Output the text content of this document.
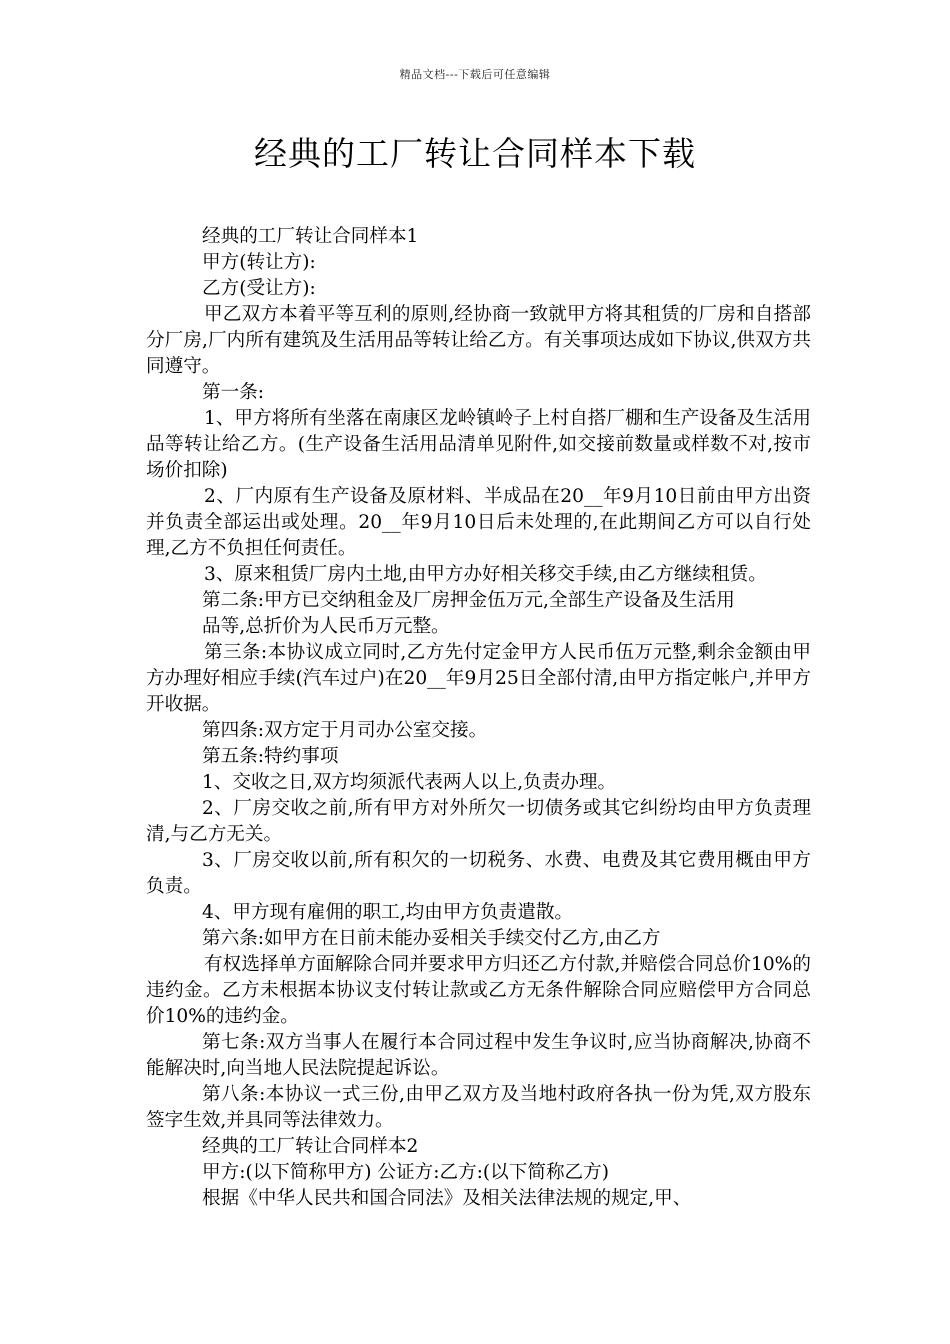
精品文档---下载后可任意编辑
经典的工厂转让合同样本下载

经典的工厂转让合同样本1

甲方(转让方):

乙方(受让方):

甲乙双方本着平等互利的原则,经协商一致就甲方将其租赁的厂房和自搭部分厂房,厂内所有建筑及生活用品等转让给乙方。有关事项达成如下协议,供双方共同遵守。

第一条:

1、甲方将所有坐落在南康区龙岭镇岭子上村自搭厂棚和生产设备及生活用品等转让给乙方。(生产设备生活用品清单见附件,如交接前数量或样数不对,按市场价扣除)

2、厂内原有生产设备及原材料、半成品在20__年9月10日前由甲方出资并负责全部运出或处理。20__年9月10日后未处理的,在此期间乙方可以自行处理,乙方不负担任何责任。

3、原来租赁厂房内土地,由甲方办好相关移交手续,由乙方继续租赁。

第二条:甲方已交纳租金及厂房押金伍万元,全部生产设备及生活用

品等,总折价为人民币万元整。

第三条:本协议成立同时,乙方先付定金甲方人民币伍万元整,剩余金额由甲方办理好相应手续(汽车过户)在20__年9月25日全部付清,由甲方指定帐户,并甲方开收据。

第四条:双方定于月司办公室交接。

第五条:特约事项

1、交收之日,双方均须派代表两人以上,负责办理。

2、厂房交收之前,所有甲方对外所欠一切债务或其它纠纷均由甲方负责理清,与乙方无关。

3、厂房交收以前,所有积欠的一切税务、水费、电费及其它费用概由甲方负责。

4、甲方现有雇佣的职工,均由甲方负责遣散。

第六条:如甲方在日前未能办妥相关手续交付乙方,由乙方

有权选择单方面解除合同并要求甲方归还乙方付款,并赔偿合同总价10%的违约金。乙方未根据本协议支付转让款或乙方无条件解除合同应赔偿甲方合同总价10%的违约金。

第七条:双方当事人在履行本合同过程中发生争议时,应当协商解决,协商不能解决时,向当地人民法院提起诉讼。

第八条:本协议一式三份,由甲乙双方及当地村政府各执一份为凭,双方股东签字生效,并具同等法律效力。

经典的工厂转让合同样本2

甲方:(以下简称甲方) 公证方:乙方:(以下简称乙方)

根据《中华人民共和国合同法》及相关法律法规的规定,甲、
